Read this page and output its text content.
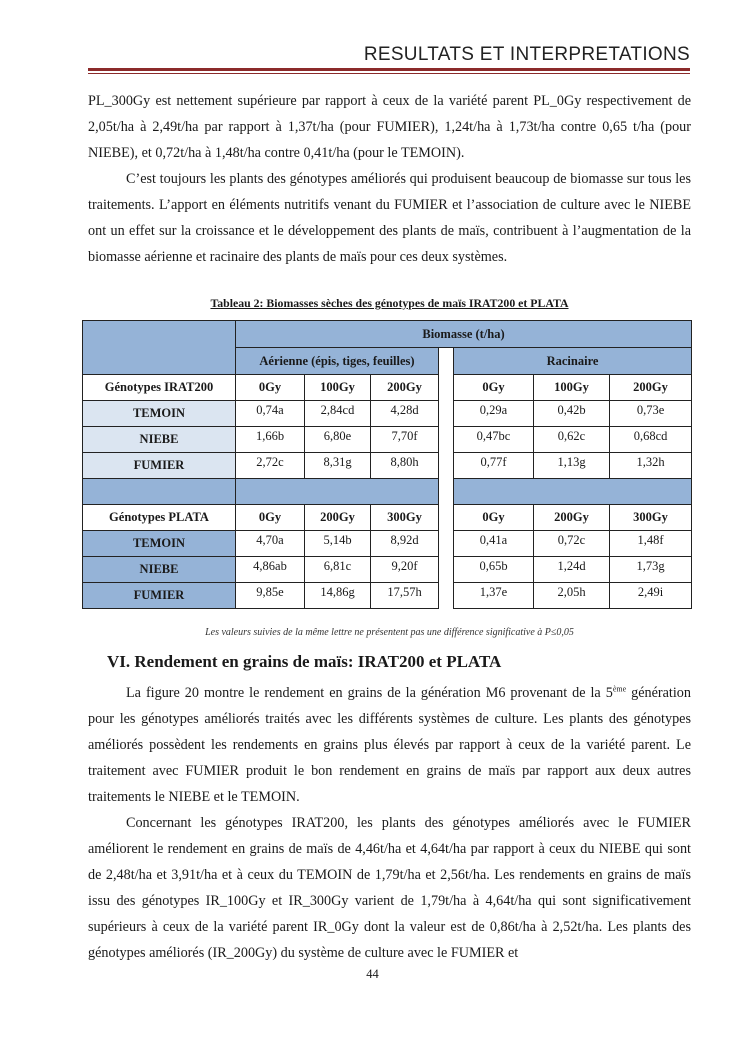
RESULTATS ET INTERPRETATIONS

PL_300Gy est nettement supérieure par rapport à ceux de la variété parent PL_0Gy respectivement de 2,05t/ha à 2,49t/ha par rapport à 1,37t/ha (pour FUMIER), 1,24t/ha à 1,73t/ha contre 0,65 t/ha (pour NIEBE), et 0,72t/ha à 1,48t/ha contre 0,41t/ha (pour le TEMOIN).

C’est toujours les plants des génotypes améliorés qui produisent beaucoup de biomasse sur tous les traitements. L’apport en éléments nutritifs venant du FUMIER et l’association de culture avec le NIEBE ont un effet sur la croissance et le développement des plants de maïs, contribuent à l’augmentation de la biomasse aérienne et racinaire des plants de maïs pour ces deux systèmes.

Tableau 2: Biomasses sèches des génotypes de maïs IRAT200 et PLATA
	Biomasse (t/ha)						
	Aérienne (épis, tiges, feuilles)				Racinaire		
Génotypes IRAT200	0Gy	100Gy	200Gy		0Gy	100Gy	200Gy
TEMOIN	0,74a	2,84cd	4,28d		0,29a	0,42b	0,73e
NIEBE	1,66b	6,80e	7,70f		0,47bc	0,62c	0,68cd
FUMIER	2,72c	8,31g	8,80h		0,77f	1,13g	1,32h

Génotypes PLATA	0Gy	200Gy	300Gy		0Gy	200Gy	300Gy
TEMOIN	4,70a	5,14b	8,92d		0,41a	0,72c	1,48f
NIEBE	4,86ab	6,81c	9,20f		0,65b	1,24d	1,73g
FUMIER	9,85e	14,86g	17,57h		1,37e	2,05h	2,49i
Les valeurs suivies de la même lettre ne présentent pas une différence significative à P≤0,05
VI. Rendement en grains de maïs: IRAT200 et PLATA

La figure 20 montre le rendement en grains de la génération M6 provenant de la 5ème génération pour les génotypes améliorés traités avec les différents systèmes de culture. Les plants des génotypes améliorés possèdent les rendements en grains plus élevés par rapport à ceux de la variété parent. Le traitement avec FUMIER produit le bon rendement en grains de maïs par rapport aux deux autres traitements le NIEBE et le TEMOIN.

Concernant les génotypes IRAT200, les plants des génotypes améliorés avec le FUMIER améliorent le rendement en grains de maïs de 4,46t/ha et 4,64t/ha par rapport à ceux du NIEBE qui sont de 2,48t/ha et 3,91t/ha et à ceux du TEMOIN de 1,79t/ha et 2,56t/ha. Les rendements en grains de maïs issu des génotypes IR_100Gy et IR_300Gy varient de 1,79t/ha à 4,64t/ha qui sont significativement supérieurs à ceux de la variété parent IR_0Gy dont la valeur est de 0,86t/ha à 2,52t/ha. Les plants des génotypes améliorés (IR_200Gy) du système de culture avec le FUMIER et

44
